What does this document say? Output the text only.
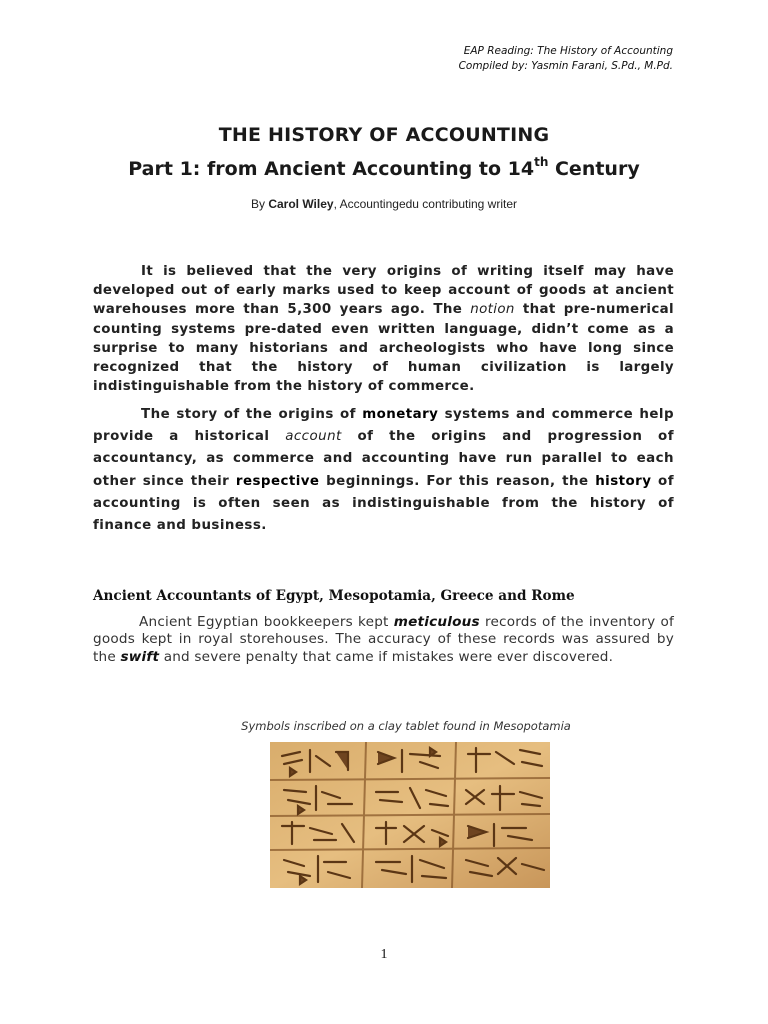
EAP Reading: The History of Accounting
Compiled by: Yasmin Farani, S.Pd., M.Pd.
THE HISTORY OF ACCOUNTING
Part 1: from Ancient Accounting to 14th Century
By Carol Wiley, Accountingedu contributing writer

It is believed that the very origins of writing itself may have developed out of early marks used to keep account of goods at ancient warehouses more than 5,300 years ago. The notion that pre-numerical counting systems pre-dated even written language, didn’t come as a surprise to many historians and archeologists who have long since recognized that the history of human civilization is largely indistinguishable from the history of commerce.

The story of the origins of monetary systems and commerce help provide a historical account of the origins and progression of accountancy, as commerce and accounting have run parallel to each other since their respective beginnings. For this reason, the history of accounting is often seen as indistinguishable from the history of finance and business.

Ancient Accountants of Egypt, Mesopotamia, Greece and Rome

Ancient Egyptian bookkeepers kept meticulous records of the inventory of goods kept in royal storehouses. The accuracy of these records was assured by the swift and severe penalty that came if mistakes were ever discovered.

Symbols inscribed on a clay tablet found in Mesopotamia
1
